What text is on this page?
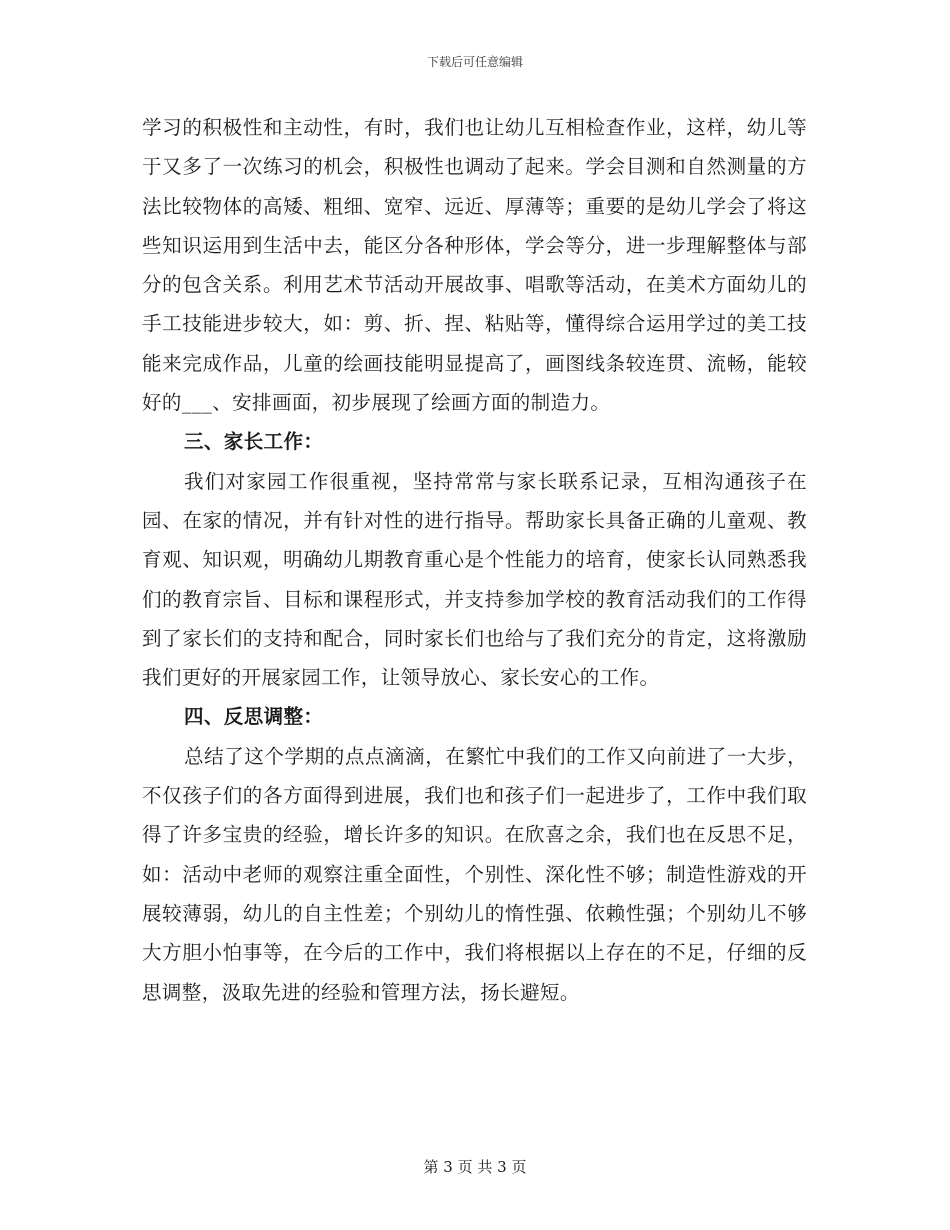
下载后可任意编辑

学习的积极性和主动性，有时，我们也让幼儿互相检查作业，这样，幼儿等于又多了一次练习的机会，积极性也调动了起来。学会目测和自然测量的方法比较物体的高矮、粗细、宽窄、远近、厚薄等；重要的是幼儿学会了将这些知识运用到生活中去，能区分各种形体，学会等分，进一步理解整体与部分的包含关系。利用艺术节活动开展故事、唱歌等活动，在美术方面幼儿的手工技能进步较大，如：剪、折、捏、粘贴等，懂得综合运用学过的美工技能来完成作品，儿童的绘画技能明显提高了，画图线条较连贯、流畅，能较好的___、安排画面，初步展现了绘画方面的制造力。

三、家长工作：

我们对家园工作很重视，坚持常常与家长联系记录，互相沟通孩子在园、在家的情况，并有针对性的进行指导。帮助家长具备正确的儿童观、教育观、知识观，明确幼儿期教育重心是个性能力的培育，使家长认同熟悉我们的教育宗旨、目标和课程形式，并支持参加学校的教育活动我们的工作得到了家长们的支持和配合，同时家长们也给与了我们充分的肯定，这将激励我们更好的开展家园工作，让领导放心、家长安心的工作。

四、反思调整：

总结了这个学期的点点滴滴，在繁忙中我们的工作又向前进了一大步，不仅孩子们的各方面得到进展，我们也和孩子们一起进步了，工作中我们取得了许多宝贵的经验，增长许多的知识。在欣喜之余，我们也在反思不足，如：活动中老师的观察注重全面性，个别性、深化性不够；制造性游戏的开展较薄弱，幼儿的自主性差；个别幼儿的惰性强、依赖性强；个别幼儿不够大方胆小怕事等，在今后的工作中，我们将根据以上存在的不足，仔细的反思调整，汲取先进的经验和管理方法，扬长避短。

第 3 页 共 3 页
